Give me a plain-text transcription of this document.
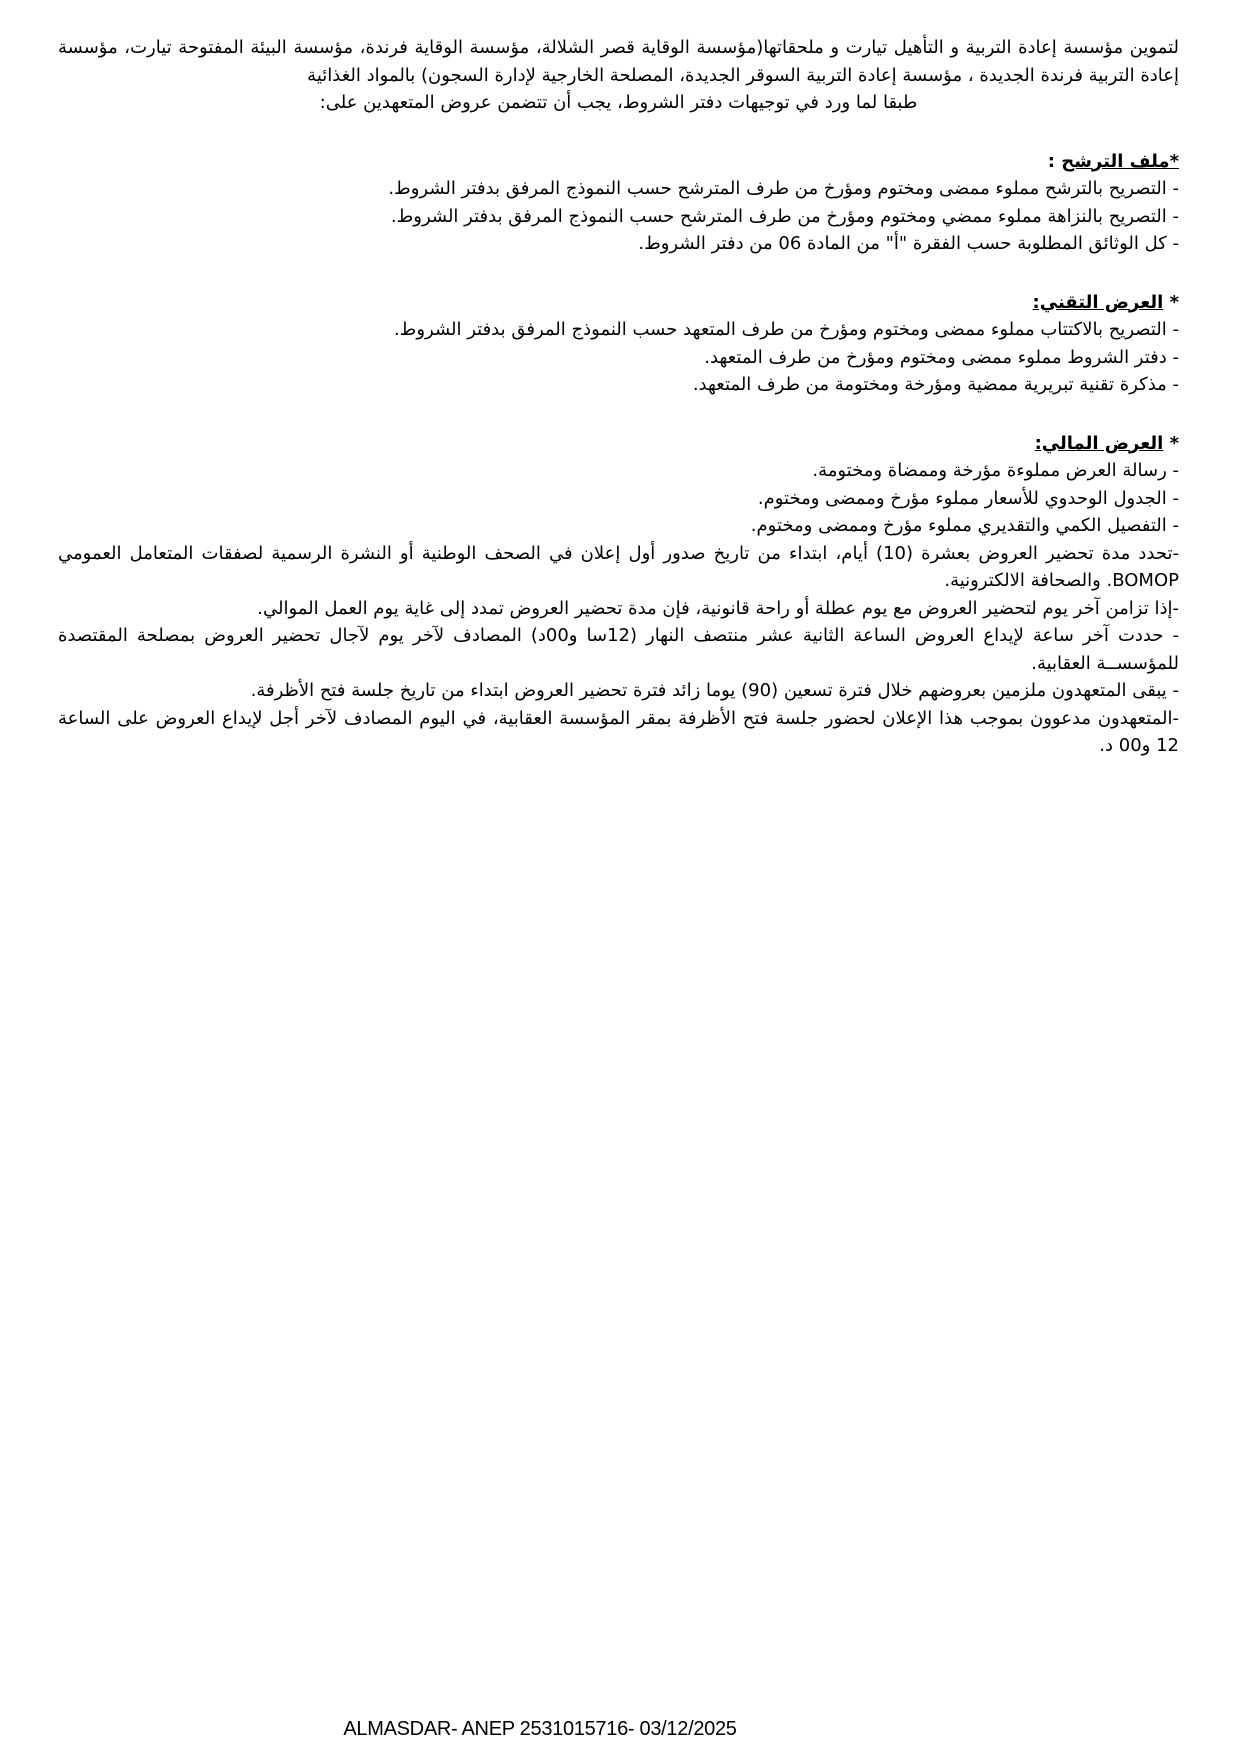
لتموين مؤسسة إعادة التربية و التأهيل تيارت و ملحقاتها(مؤسسة الوقاية قصر الشلالة، مؤسسة الوقاية فرندة، مؤسسة البيئة المفتوحة تيارت، مؤسسة إعادة التربية فرندة الجديدة ، مؤسسة إعادة التربية السوقر الجديدة، المصلحة الخارجية لإدارة السجون) بالمواد الغذائية

طبقا لما ورد في توجيهات دفتر الشروط، يجب أن تتضمن عروض المتعهدين على:

*ملف الترشح :

- التصريح بالترشح مملوء ممضى ومختوم ومؤرخ من طرف المترشح حسب النموذج المرفق بدفتر الشروط.

- التصريح بالنزاهة مملوء ممضي ومختوم ومؤرخ من طرف المترشح حسب النموذج المرفق بدفتر الشروط.

- كل الوثائق المطلوبة حسب الفقرة "أ" من المادة 06 من دفتر الشروط.

* العرض التقني:

- التصريح بالاكتتاب مملوء ممضى ومختوم ومؤرخ من طرف المتعهد حسب النموذج المرفق بدفتر الشروط.

- دفتر الشروط مملوء ممضى ومختوم ومؤرخ من طرف المتعهد.

- مذكرة تقنية تبريرية ممضية ومؤرخة ومختومة من طرف المتعهد.

* العرض المالي:

- رسالة العرض مملوءة مؤرخة وممضاة ومختومة.

- الجدول الوحدوي للأسعار مملوء مؤرخ وممضى ومختوم.

- التفصيل الكمي والتقديري مملوء مؤرخ وممضى ومختوم.

-تحدد مدة تحضير العروض بعشرة (10) أيام، ابتداء من تاريخ صدور أول إعلان في الصحف الوطنية أو النشرة الرسمية لصفقات المتعامل العمومي BOMOP. والصحافة الالكترونية.

-إذا تزامن آخر يوم لتحضير العروض مع يوم عطلة أو راحة قانونية، فإن مدة تحضير العروض تمدد إلى غاية يوم العمل الموالي.

- حددت آخر ساعة لإيداع العروض الساعة الثانية عشر منتصف النهار (12سا و00د) المصادف لآخر يوم لآجال تحضير العروض بمصلحة المقتصدة للمؤسســة العقابية.

- يبقى المتعهدون ملزمين بعروضهم خلال فترة تسعين (90) يوما زائد فترة تحضير العروض ابتداء من تاريخ جلسة فتح الأظرفة.

-المتعهدون مدعوون بموجب هذا الإعلان لحضور جلسة فتح الأظرفة بمقر المؤسسة العقابية، في اليوم المصادف لآخر أجل لإيداع العروض على الساعة 12 و00 د.

ALMASDAR- ANEP 2531015716- 03/12/2025
